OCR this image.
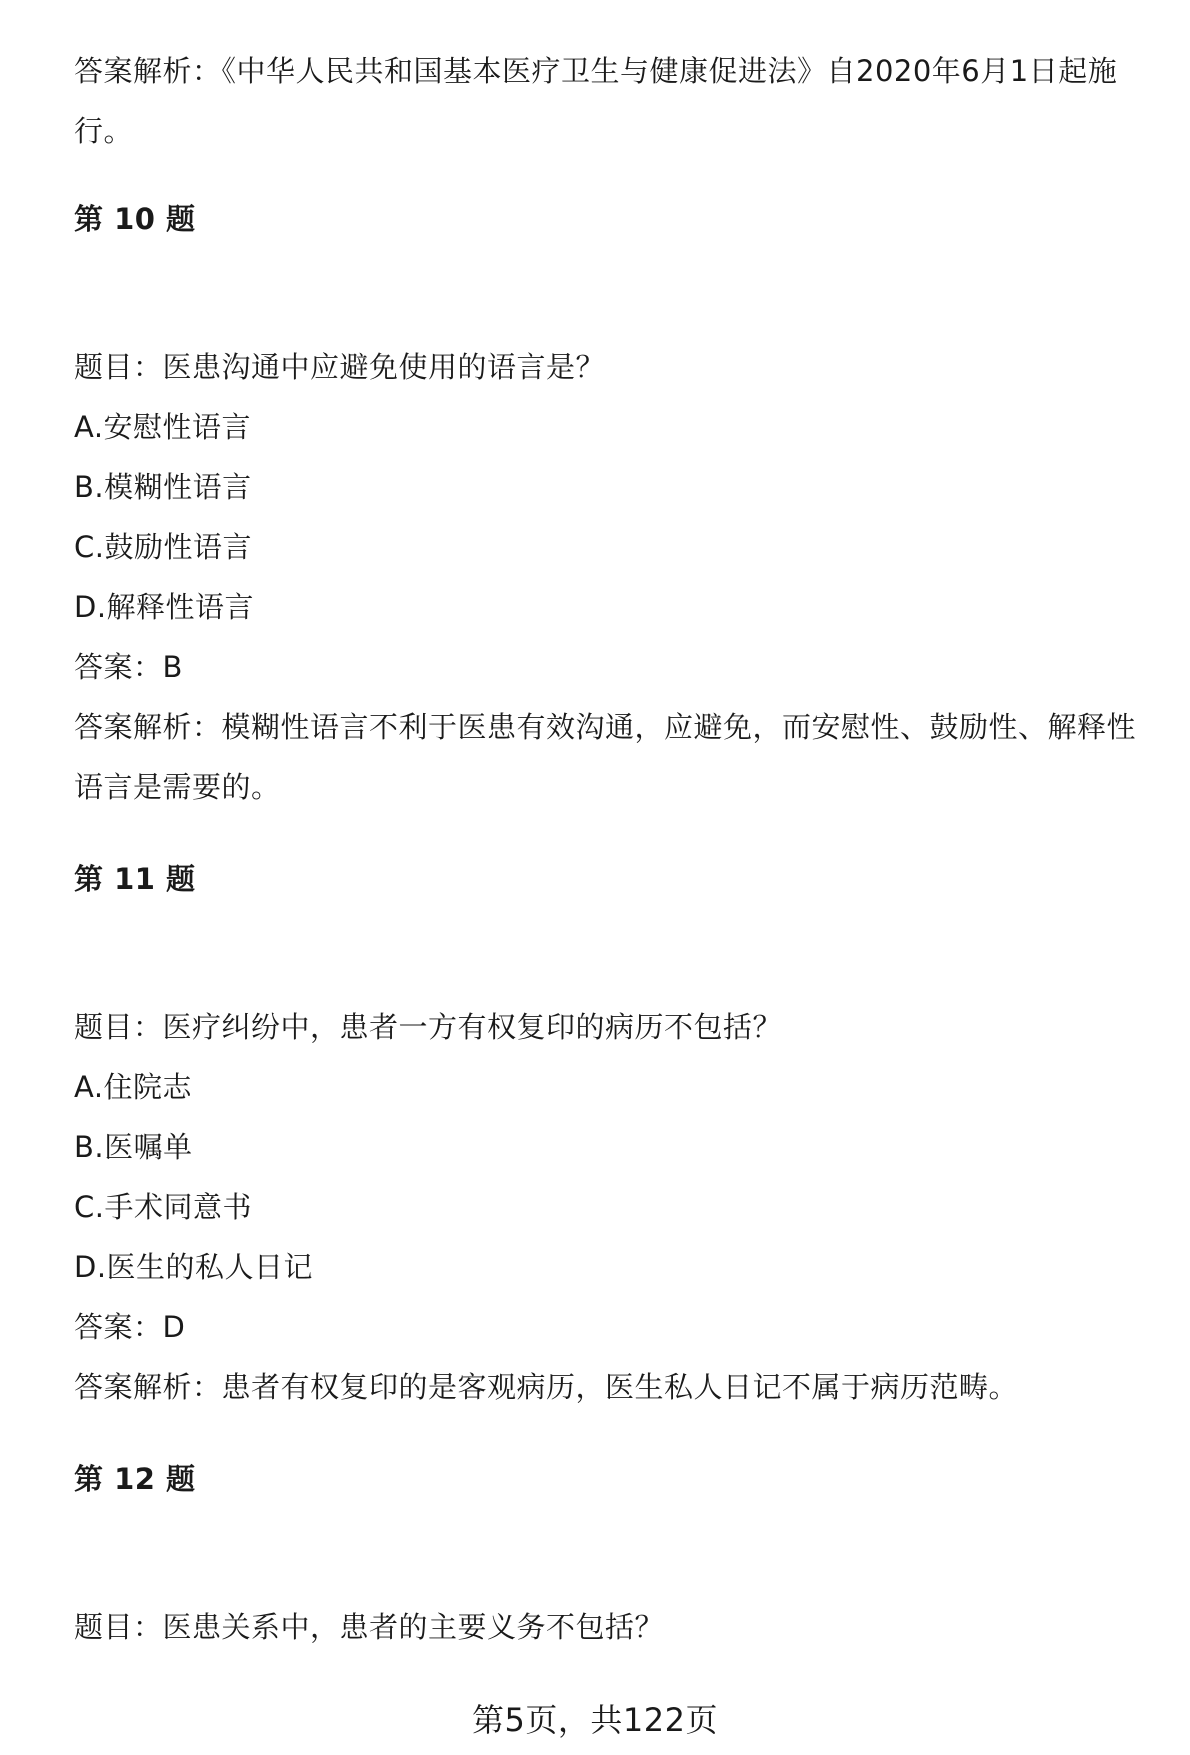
答案解析：《中华人民共和国基本医疗卫生与健康促进法》自2020年6月1日起施
行。
第 10 题
题目：医患沟通中应避免使用的语言是？
A.安慰性语言
B.模糊性语言
C.鼓励性语言
D.解释性语言
答案：B
答案解析：模糊性语言不利于医患有效沟通，应避免，而安慰性、鼓励性、解释性
语言是需要的。
第 11 题
题目：医疗纠纷中，患者一方有权复印的病历不包括？
A.住院志
B.医嘱单
C.手术同意书
D.医生的私人日记
答案：D
答案解析：患者有权复印的是客观病历，医生私人日记不属于病历范畴。
第 12 题
题目：医患关系中，患者的主要义务不包括？
第5页，共122页
